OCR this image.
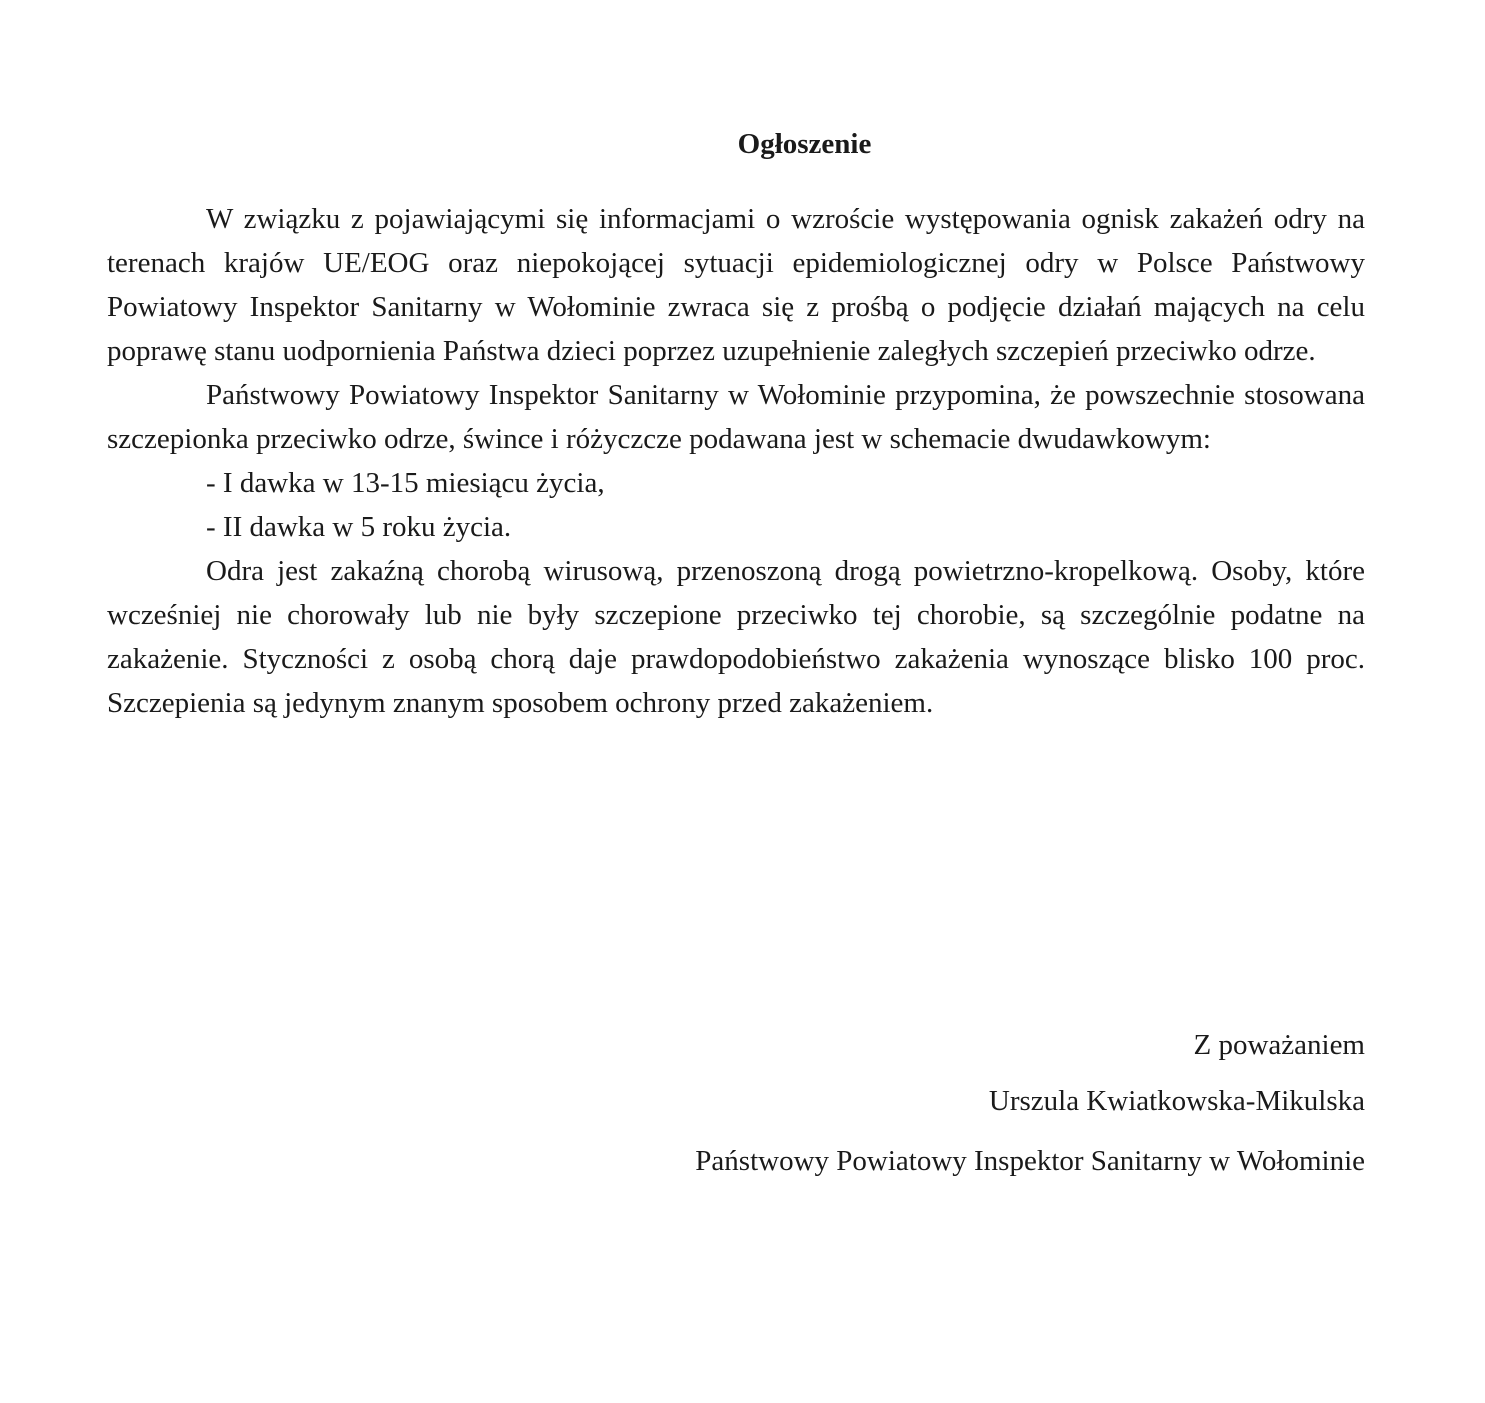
Ogłoszenie

W związku z pojawiającymi się informacjami o wzroście występowania ognisk zakażeń odry na terenach krajów UE/EOG oraz niepokojącej sytuacji epidemiologicznej odry w Polsce Państwowy Powiatowy Inspektor Sanitarny w Wołominie zwraca się z prośbą o podjęcie działań mających na celu poprawę stanu uodpornienia Państwa dzieci poprzez uzupełnienie zaległych szczepień przeciwko odrze.

Państwowy Powiatowy Inspektor Sanitarny w Wołominie przypomina, że powszechnie stosowana szczepionka przeciwko odrze, śwince i różyczcze podawana jest w schemacie dwudawkowym:

- I dawka w 13-15 miesiącu życia,

- II dawka w 5 roku życia.

Odra jest zakaźną chorobą wirusową, przenoszoną drogą powietrzno-kropelkową. Osoby, które wcześniej nie chorowały lub nie były szczepione przeciwko tej chorobie, są szczególnie podatne na zakażenie. Styczności z osobą chorą daje prawdopodobieństwo zakażenia wynoszące blisko 100 proc. Szczepienia są jedynym znanym sposobem ochrony przed zakażeniem.

Z poważaniem
Urszula Kwiatkowska-Mikulska
Państwowy Powiatowy Inspektor Sanitarny w Wołominie
